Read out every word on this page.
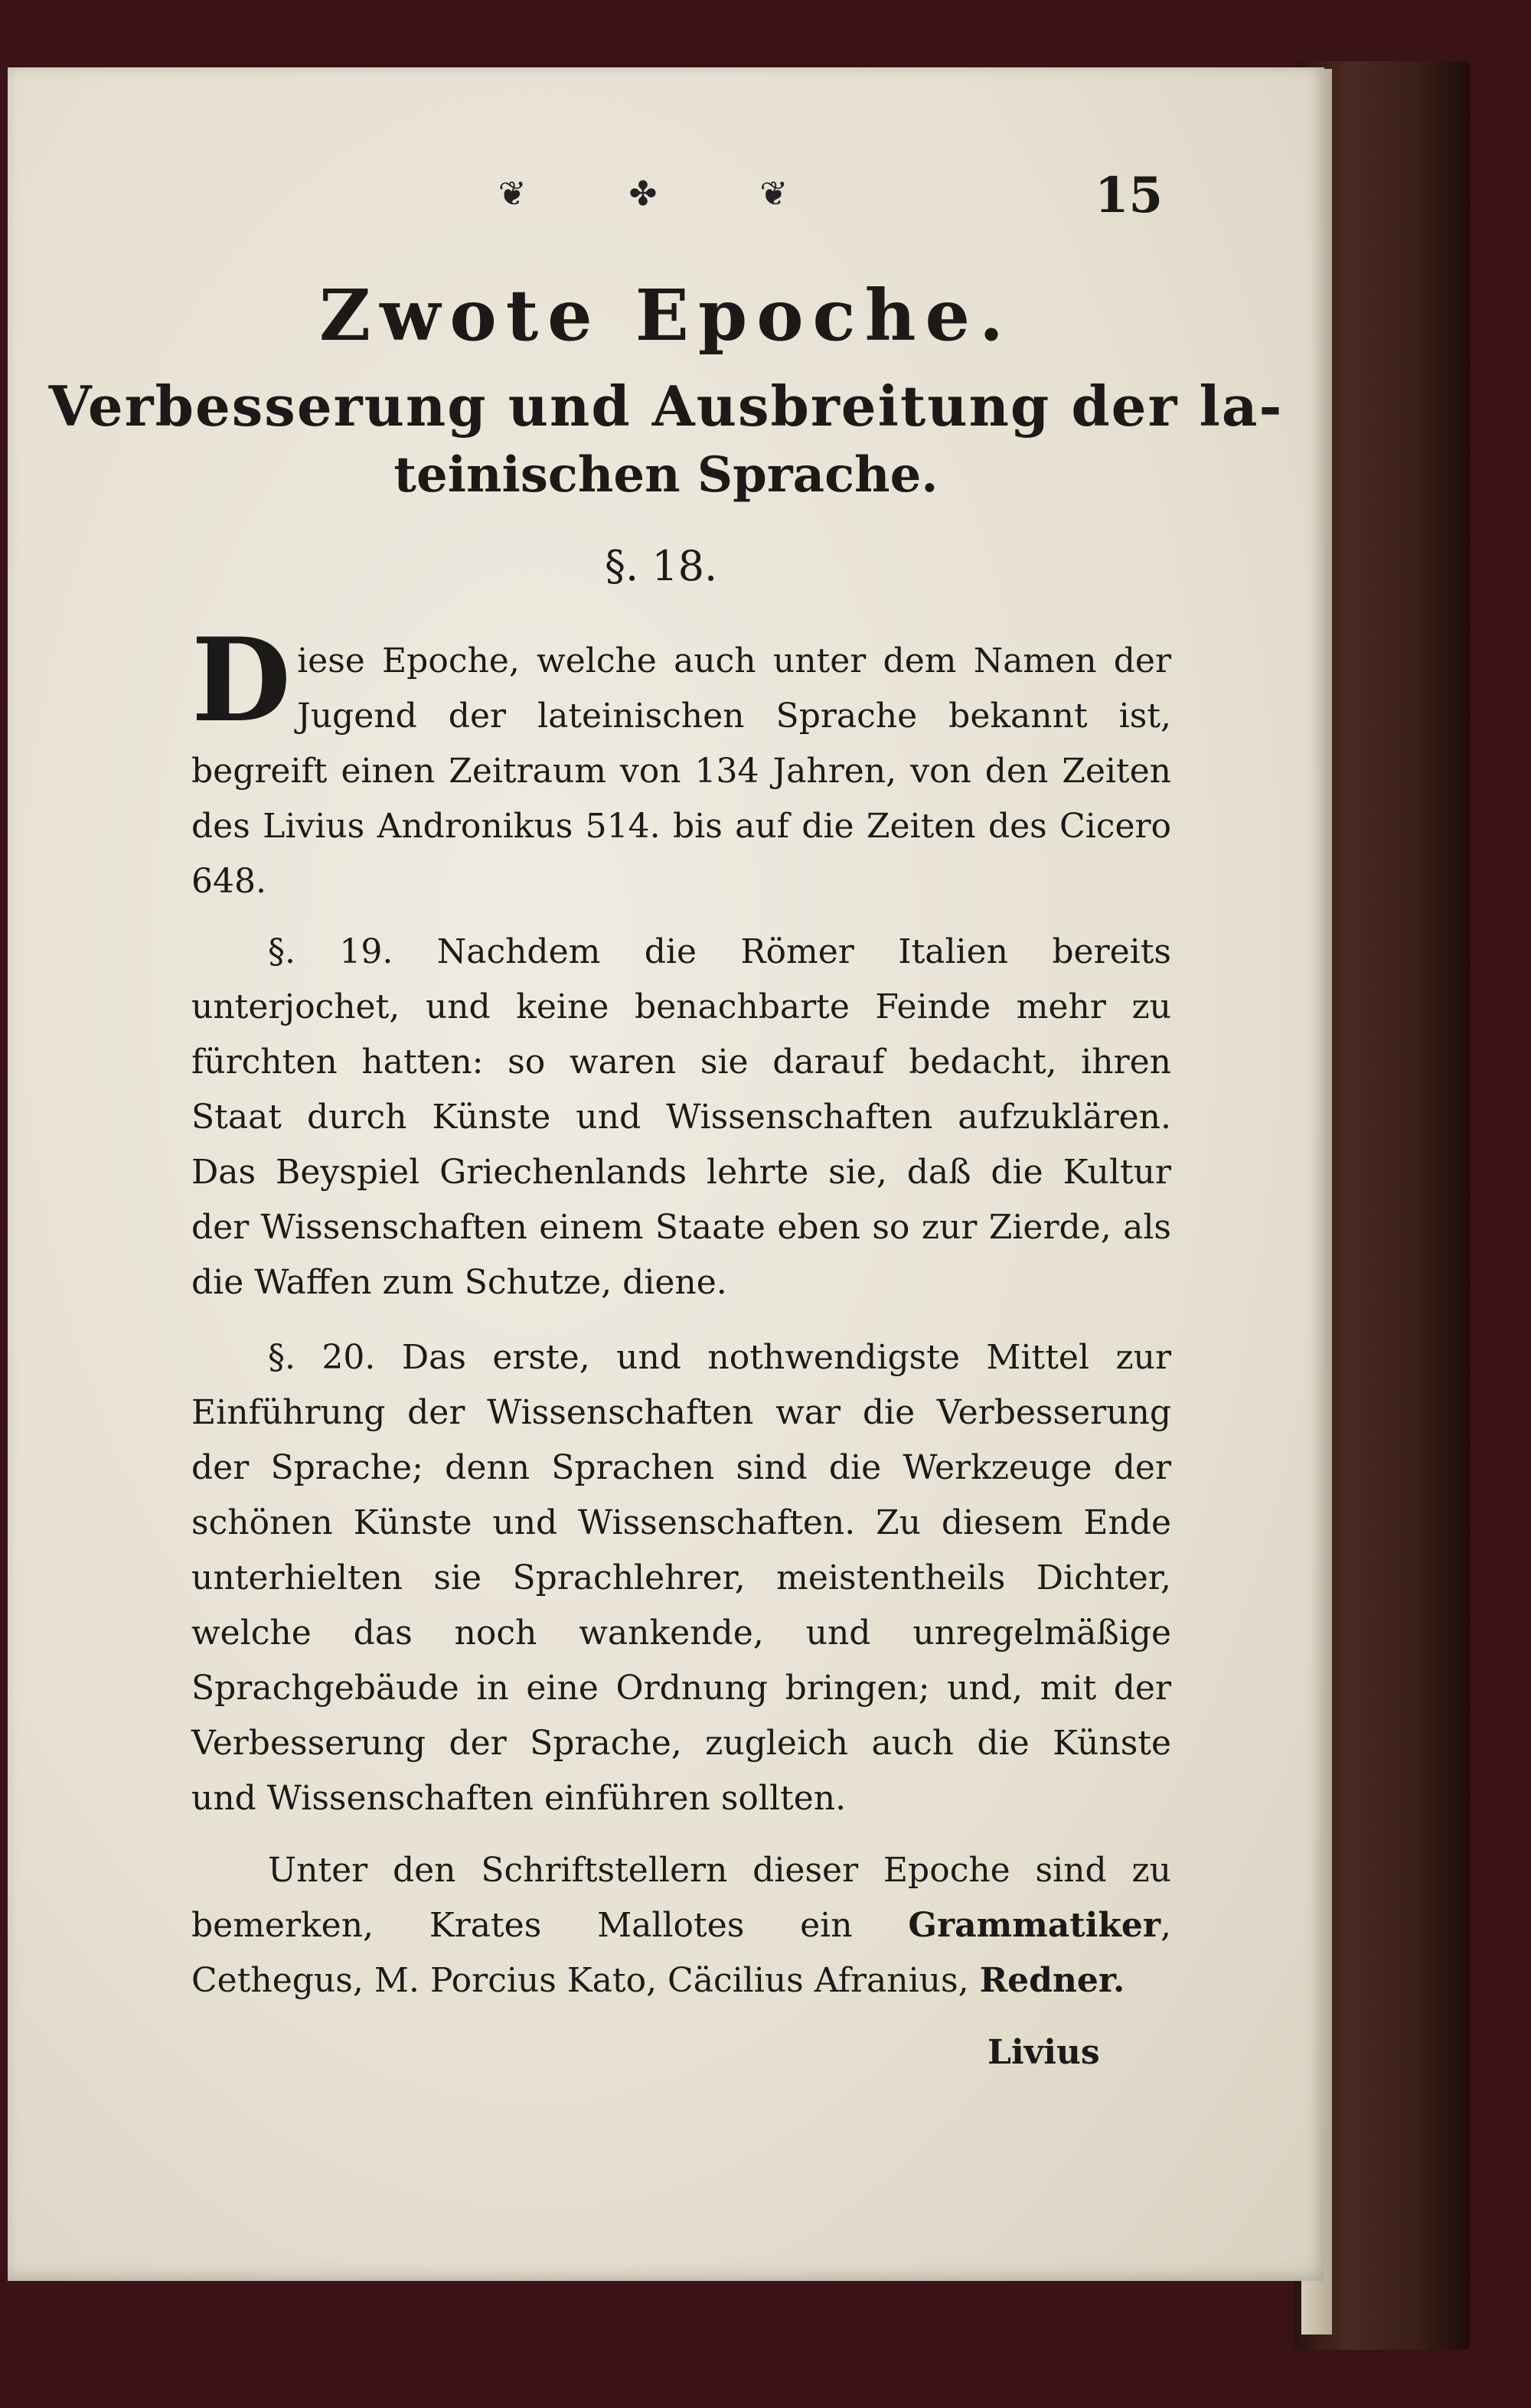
❦ ✤ ❦	15
Zwote Epoche.
Verbesserung und Ausbreitung der la-
teinischen Sprache.
§. 18.
Diese Epoche, welche auch unter dem Namen der Jugend der lateinischen Sprache bekannt ist, begreift einen Zeitraum von 134 Jahren, von den Zeiten des Livius Andronikus 514. bis auf die Zeiten des Cicero 648.
§. 19. Nachdem die Römer Italien bereits unterjochet, und keine benachbarte Feinde mehr zu fürchten hatten: so waren sie darauf bedacht, ihren Staat durch Künste und Wissenschaften aufzuklären. Das Beyspiel Griechenlands lehrte sie, daß die Kultur der Wissenschaften einem Staate eben so zur Zierde, als die Waffen zum Schutze, diene.
§. 20. Das erste, und nothwendigste Mittel zur Einführung der Wissenschaften war die Verbesserung der Sprache; denn Sprachen sind die Werkzeuge der schönen Künste und Wissenschaften. Zu diesem Ende unterhielten sie Sprachlehrer, meistentheils Dichter, welche das noch wankende, und unregelmäßige Sprachgebäude in eine Ordnung bringen; und, mit der Verbesserung der Sprache, zugleich auch die Künste und Wissenschaften einführen sollten.
Unter den Schriftstellern dieser Epoche sind zu bemerken, Krates Mallotes ein Grammatiker, Cethegus, M. Porcius Kato, Cäcilius Afranius, Redner.
Livius
